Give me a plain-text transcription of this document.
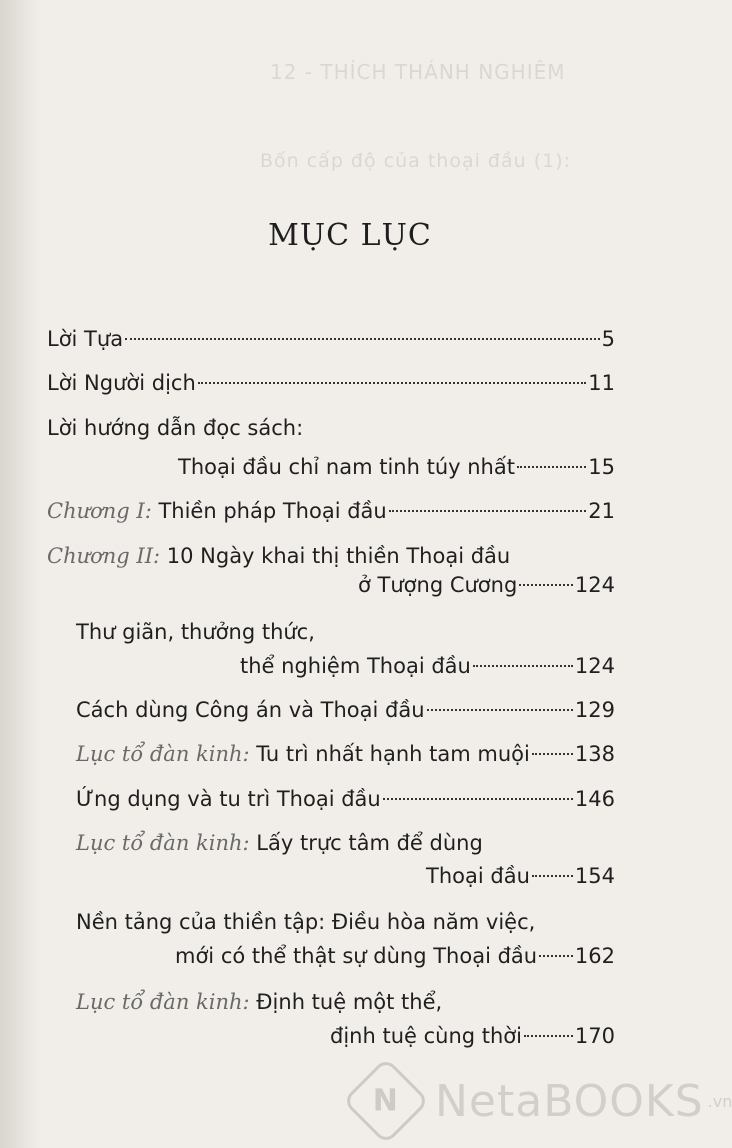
12 - THÍCH THÁNH NGHIÊM
Bốn cấp độ của thoại đầu (1):
MỤC LỤC
Lời Tựa	5
Lời Người dịch	11
Lời hướng dẫn đọc sách:
Thoại đầu chỉ nam tinh túy nhất	15
Chương I: Thiền pháp Thoại đầu	21
Chương II: 10 Ngày khai thị thiền Thoại đầu
ở Tượng Cương	124
Thư giãn, thưởng thức,
thể nghiệm Thoại đầu	124
Cách dùng Công án và Thoại đầu	129
Lục tổ đàn kinh: Tu trì nhất hạnh tam muội 138
Ứng dụng và tu trì Thoại đầu	146
Lục tổ đàn kinh: Lấy trực tâm để dùng
Thoại đầu 154
Nền tảng của thiền tập: Điều hòa năm việc,
mới có thể thật sự dùng Thoại đầu 162
Lục tổ đàn kinh: Định tuệ một thể,
định tuệ cùng thời	170
N NetaBOOKS .vn
